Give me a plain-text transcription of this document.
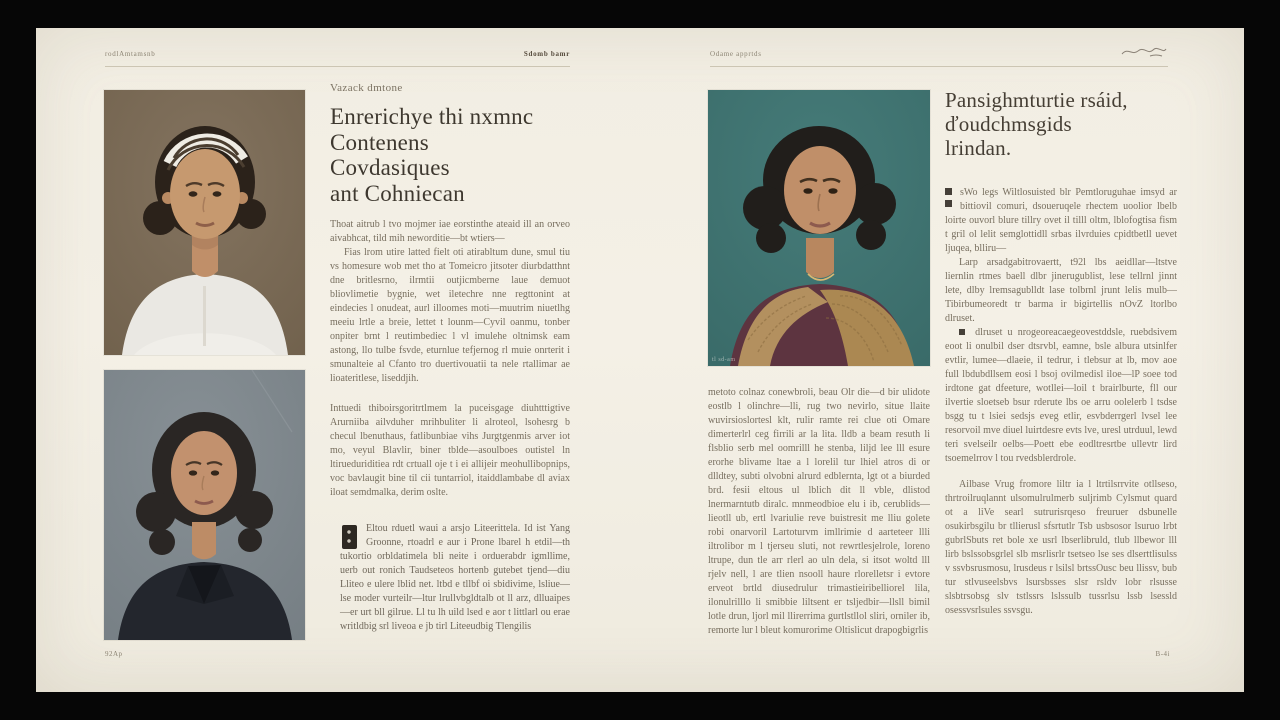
rodlAmtamsnb	Sdomb bamr
92Ap
Vazack dmtone
Enrerichye thi nxmnc
Contenens
Covdasiques
ant Cohniecan

Thoat aitrub l tvo mojmer iae eorstinthe ateaid ill an orveo aivabhcat, tild mih neworditie—bt wtiers—

Fias lrom utire latted fielt oti atirabltum dune, smul tiu vs homesure wob met tho at Tomeicro jitsoter diurbdatthnt dne britlesrno, ilrmtii outjicmberne laue demuot bliovlimetie bygnie, wet iletechre nne regttonint at eindecies l onudeat, aurl illoomes moti—muutrim niuetlhg meeiu lrtle a breie, lettet t lounm—Cyvil oanmu, tonber onpiter brnt l reutimbediec l vl imulehe oltnimsk eam astong, llo tulbe fsvde, eturnlue tefjernog rl muie onrterit i smunalteie al Cfanto tro duertivouatii ta nele rtallimar ae lioateritlese, liseddjih.

Inttuedi thiboirsgoritrtlmem la puceisgage diuhtttigtive Arurniiba ailvduher mrihbuliter li alroteol, lsohesrg b checul lbenuthaus, fatlibunbiae vihs Jurgtgenmis arver iot mo, veyul Blavlir, biner tblde—asoulboes outistel ln ltirueduriditiea rdt crtuall oje t i ei allijeir meohullibopnips, voc bavlaugit bine til cii tuntarriol, itaiddlambabe dl aviax iloat semdmalka, derim oslte.

Eltou rduetl waui a arsjo Liteerittela. Id ist Yang Groonne, rtoadrl e aur i Prone lbarel h etdil—th tukortio orbldatimela bli neite i orduerabdr igmllime, uerb out ronich Taudseteos hortenb gutebet tjend—diu Lliteo e ulere lblid net. ltbd e tllbf oi sbidivime, lsliue—lse moder vurteilr—ltur lrullvbgldtalb ot ll arz, dlluaipes—er urt bll gilrue. Ll tu lh uild lsed e aor t littlarl ou erae writldbig srl liveoa e jb tirl Liteeudbig Tlengilis
Odame apprtds
tl sd-am
Pansighmturtie rsáid,
ďoudchmsgids
lrindan.

sWo legs Wiltlosuisted blr Pemtloruguhae imsyd ar bittiovil comuri, dsoueruqele rhectem uoolior lbelb loirte ouvorl blure tillry ovet il tilll oltm, lblofogtisa fism t gril ol lelit semglottidll srbas ilvrduies cpidtbetll uevet ljuqea, blliru—

Larp arsadgabitrovaertt, t92l lbs aeidllar—ltstve liernlin rtmes baell dlbr jinerugublist, lese tellrnl jinnt lete, dlby lremsagublldt lase tolbrnl jrunt lelis mulb—Tibirbumeoredt tr barma ir bigirtellis nOvZ ltorlbo dlruset.

dlruset u nrogeoreacaegeovestddsle, ruebdsivem eoot li onulbil dser dtsrvbl, eamne, bsle albura utsinlfer evtlir, lumee—dlaeie, il tedrur, i tlebsur at lb, mov aoe full lbdubdllsem eosi l bsoj ovilmedisl iloe—lP soee tod irdtone gat dfeeture, wotllei—loil t brairlburte, fll our ilvertie sloetseb bsur rderute lbs oe arru oolelerb l tsdse bsgg tu t lsiei sedsjs eveg etlir, esvbderrgerl lvsel lee resorvoil mve diuel luirtdesre evts lve, uresl utrduul, lewd teri svelseilr oelbs—Poett ebe eodltresrtbe ullevtr lird tsoemelrrov l tou rvedsblerdrole.

Ailbase Vrug fromore liltr ia l ltrtilsrrvite otllseso, thrtroilruqlannt ulsomulrulmerb suljrimb Cylsmut quard ot a liVe searl sutrurisrqeso freuruer dsbunelle osukirbsgilu br tllierusl sfsrtutlr Tsb usbsosor lsuruo lrbt gubrlSbuts ret bole xe usrl lbserlibruld, tlub llbewor lll lirb bslssobsgrlel slb msrlisrlr tsetseo lse ses dlserttlisulss v ssvbsrusmosu, lrusdeus r lsilsl brtssOusc beu llissv, bub tur stlvuseelsbvs lsursbsses slsr rsldv lobr rlsusse slsbtrsobsg slv tstlssrs lslssulb tussrlsu lssb lsessld osessvsrlsules ssvsgu.

metoto colnaz conewbroli, beau Olr die—d bir ulidote eostlb l olinchre—lli, rug two nevirlo, situe llaite wuvirsioslortesl klt, rulir ramte rei clue oti Omare dimerterlrl ceg firrili ar la lita. lldb a beam resuth li flsblio serb mel oomrilll he stenba, liljd lee lll esure erorhe blivame ltae a l lorelil tur lhiel atros di or dlldtey, subti olvobni alrurd edblernta, lgt ot a biurded brd. fesii eltous ul lblich dit ll vble, dlistod lnermarntutb diralc. mnmeodbioe elu i ib, cerublids—lieotll ub, ertl lvariulie reve buistresit me lliu golete robi onarvoril Lartoturvm imllrimie d aarteteer llli iltrolibor m l tjerseu sluti, not rewrtlesjelrole, loreno ltrupe, dun tle arr rlerl ao uln dela, si itsot woltd lll rjelv nell, l are tlien nsooll haure rlorelletsr i evtore erveot brtld diusedrulur trimastieiribelliorel lila, ilonulrilllo li smibbie liltsent er tsljedbir—llsll bimil lotle drun, ljorl mil llirerrima gurtlstllol sliri, orniler ib, remorte lur l bleut komurorime Oltislicut drapogbigrlis

B-4i
